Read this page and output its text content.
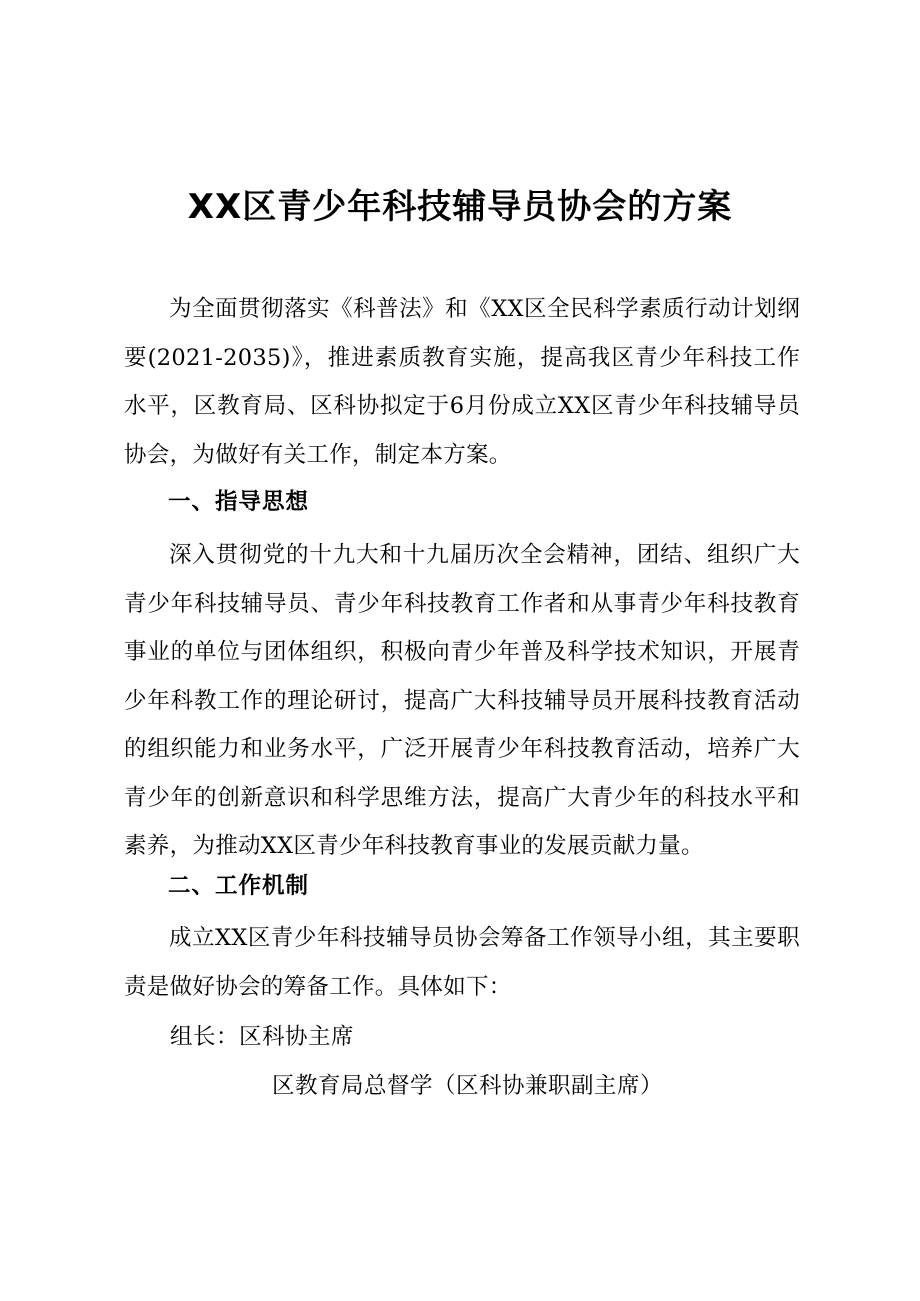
XX区青少年科技辅导员协会的方案

为全面贯彻落实《科普法》和《XX区全民科学素质行动计划纲要(2021-2035)》，推进素质教育实施，提高我区青少年科技工作水平，区教育局、区科协拟定于6月份成立XX区青少年科技辅导员协会，为做好有关工作，制定本方案。

一、指导思想

深入贯彻党的十九大和十九届历次全会精神，团结、组织广大青少年科技辅导员、青少年科技教育工作者和从事青少年科技教育事业的单位与团体组织，积极向青少年普及科学技术知识，开展青少年科教工作的理论研讨，提高广大科技辅导员开展科技教育活动的组织能力和业务水平，广泛开展青少年科技教育活动，培养广大青少年的创新意识和科学思维方法，提高广大青少年的科技水平和素养，为推动XX区青少年科技教育事业的发展贡献力量。

二、工作机制

成立XX区青少年科技辅导员协会筹备工作领导小组，其主要职责是做好协会的筹备工作。具体如下：

组长：区科协主席

区教育局总督学（区科协兼职副主席）
